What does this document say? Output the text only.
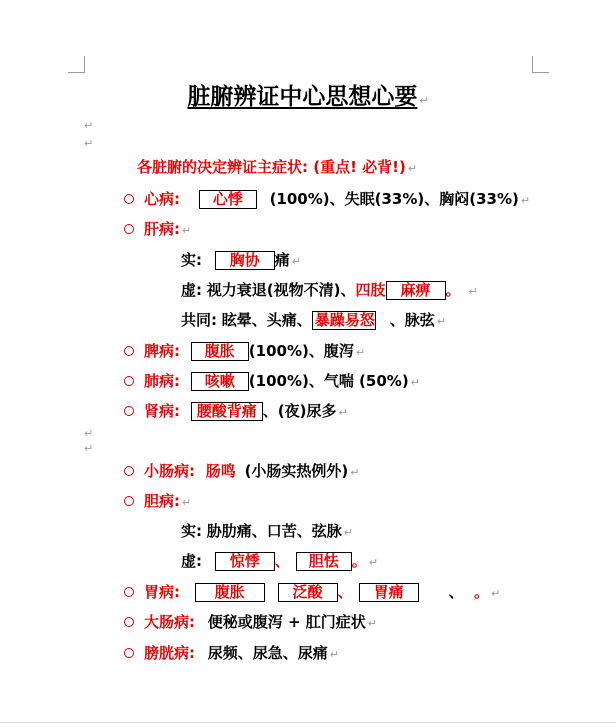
脏腑辨证中心思想心要 ↵
↵
↵
各脏腑的决定辨证主症状: (重点! 必背!) ↵
心病: 心悸 (100%)、失眠(33%)、胸闷(33%) ↵
肝病: ↵
实: 胸协 痛 ↵
虚: 视力衰退(视物不清)、四肢 麻痹 。 ↵
共同: 眩晕、头痛、 暴躁易怒 、脉弦 ↵
脾病: 腹胀 (100%)、腹泻 ↵
肺病: 咳嗽 (100%)、气喘 (50%) ↵
肾病: 腰酸背痛 、(夜)尿多 ↵
↵
↵
小肠病: 肠鸣 (小肠实热例外) ↵
胆病: ↵
实: 胁肋痛、口苦、弦脉 ↵
虚: 惊悸 、 胆怯 。 ↵
胃病: 腹胀	泛酸 、 胃痛	、 。 ↵
大肠病: 便秘或腹泻 + 肛门症状 ↵
膀胱病: 尿频、尿急、尿痛 ↵
